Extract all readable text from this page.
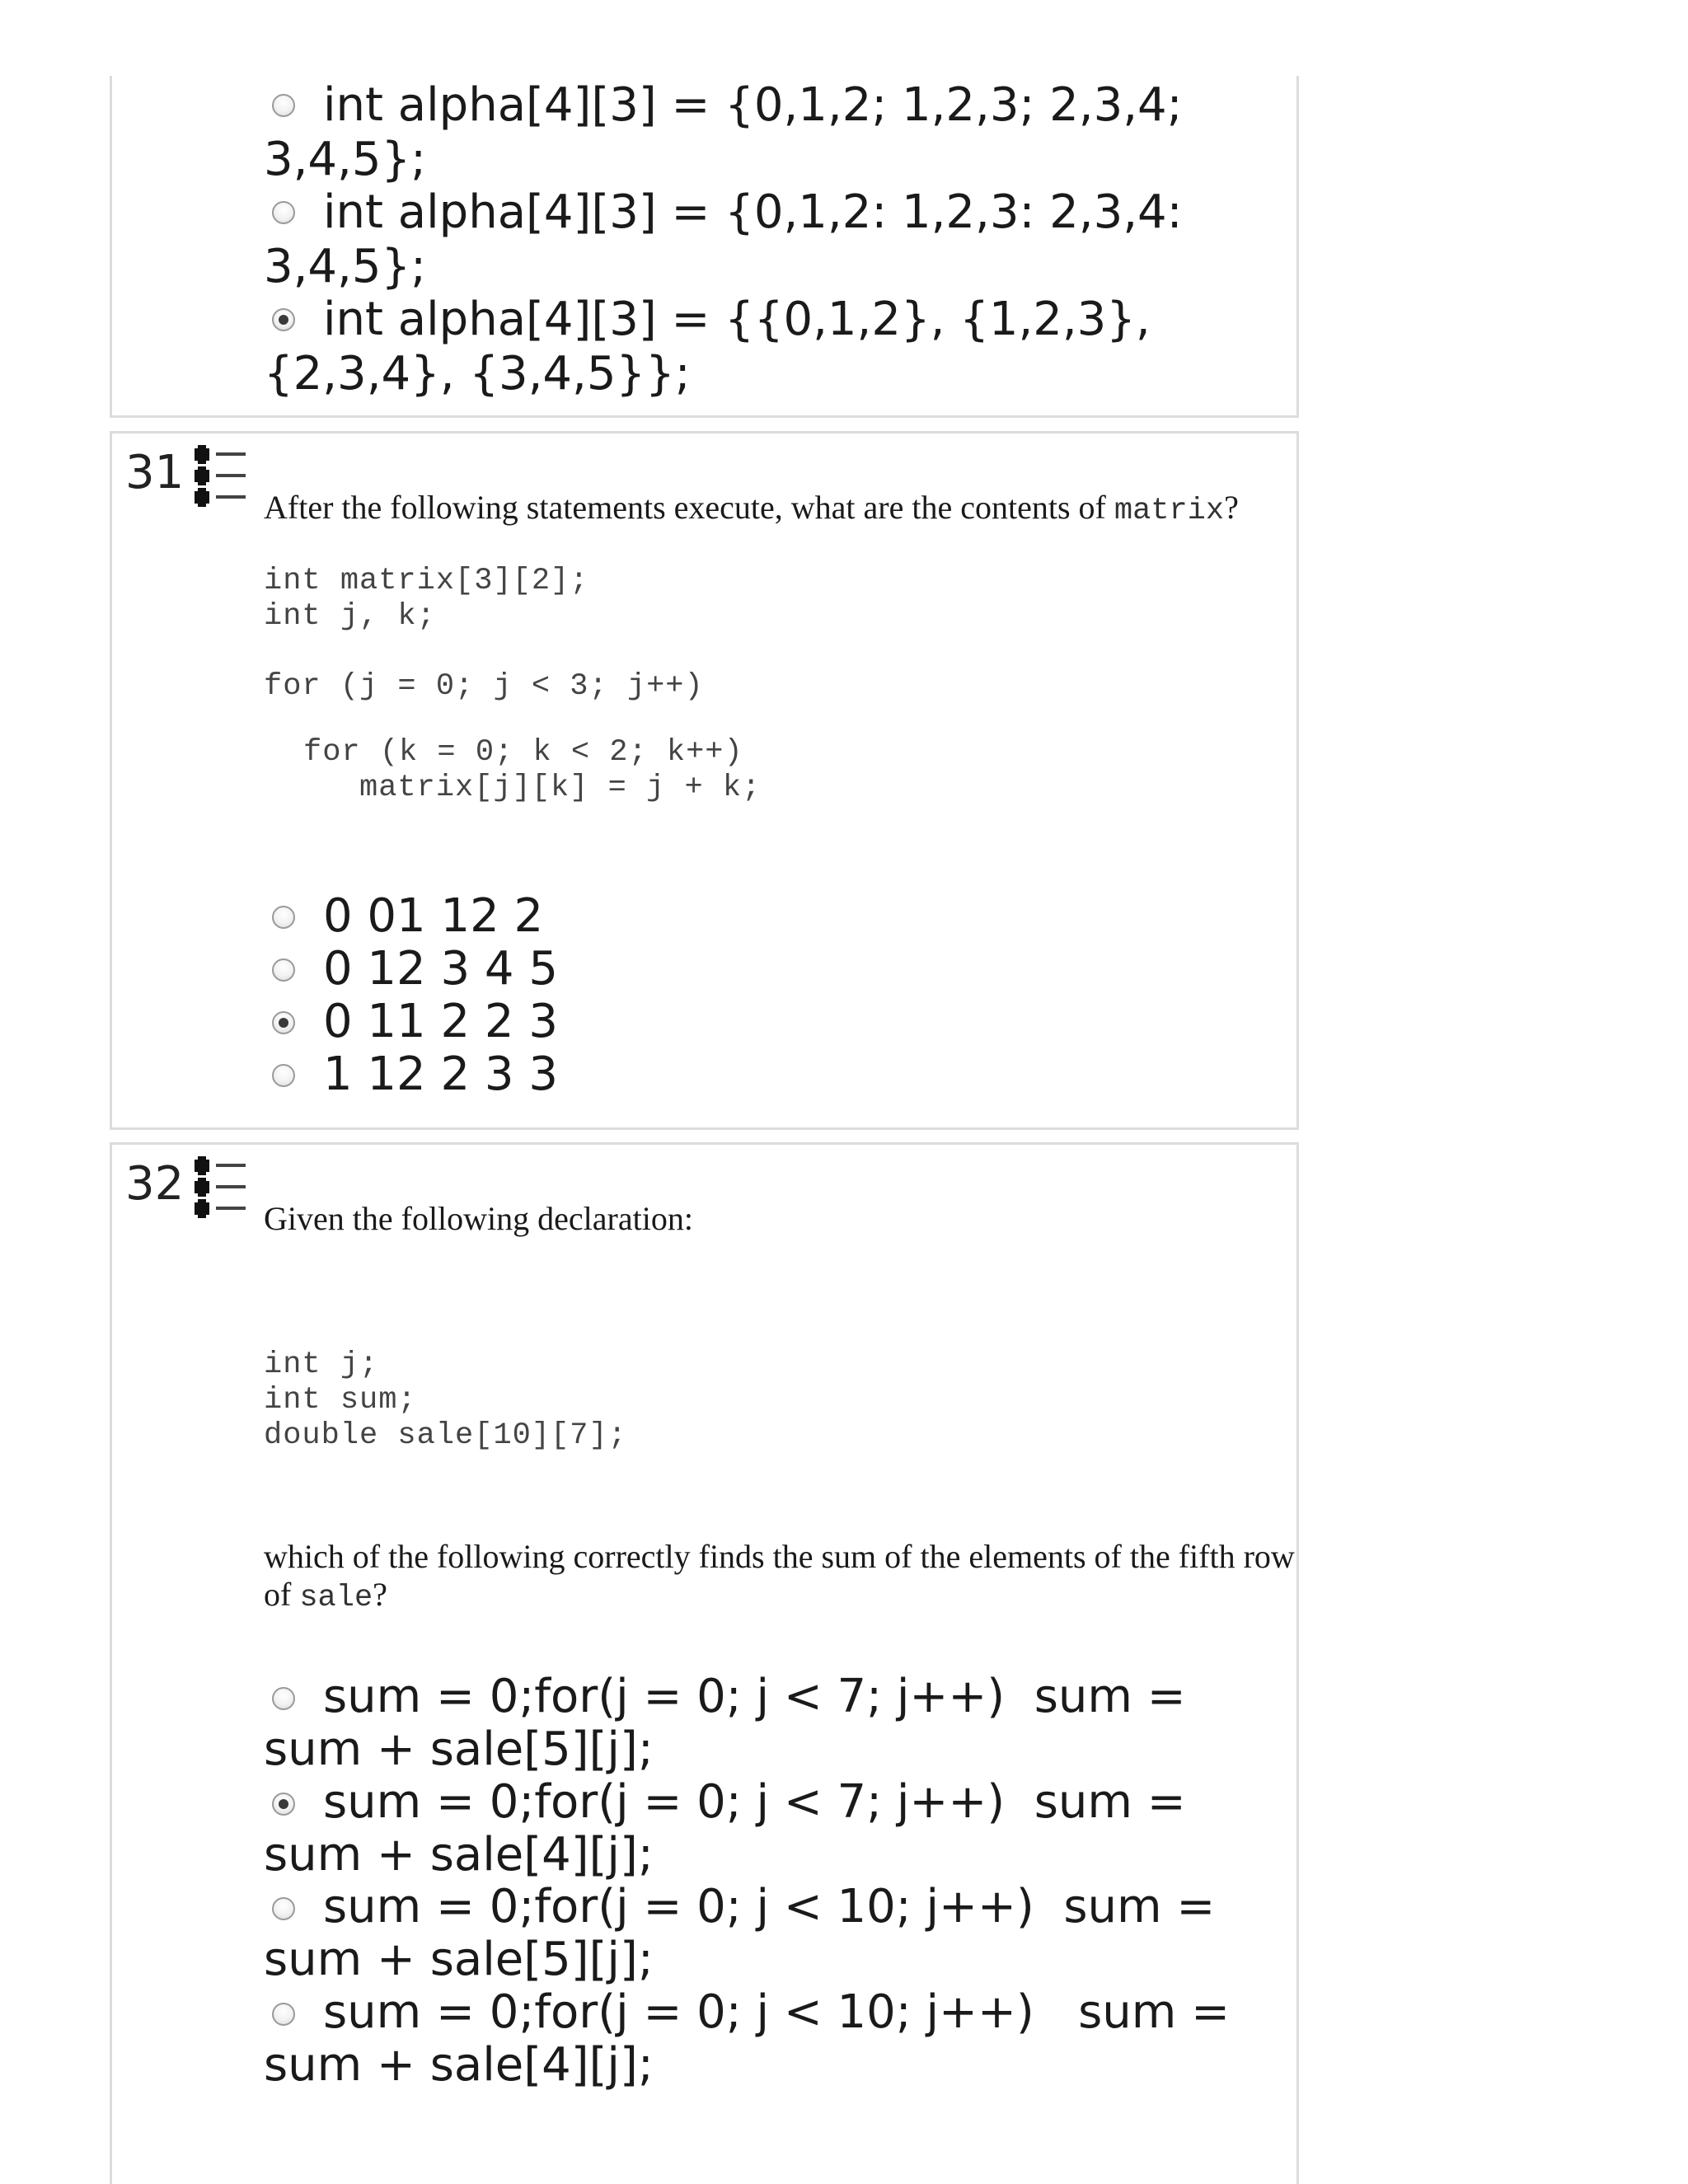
int alpha[4][3] = {0,1,2; 1,2,3; 2,3,4;
3,4,5};
int alpha[4][3] = {0,1,2: 1,2,3: 2,3,4:
3,4,5};
int alpha[4][3] = {{0,1,2}, {1,2,3},
{2,3,4}, {3,4,5}};
31
After the following statements execute, what are the contents of matrix?
int matrix[3][2];
int j, k;
for (j = 0; j < 3; j++)
for (k = 0; k < 2; k++)
matrix[j][k] = j + k;
0 01 12 2
0 12 3 4 5
0 11 2 2 3
1 12 2 3 3
32
Given the following declaration:
int j;
int sum;
double sale[10][7];
which of the following correctly finds the sum of the elements of the fifth row
of sale?
sum = 0;for(j = 0; j < 7; j++)  sum =
sum + sale[5][j];
sum = 0;for(j = 0; j < 7; j++)  sum =
sum + sale[4][j];
sum = 0;for(j = 0; j < 10; j++)  sum =
sum + sale[5][j];
sum = 0;for(j = 0; j < 10; j++)   sum =
sum + sale[4][j];
